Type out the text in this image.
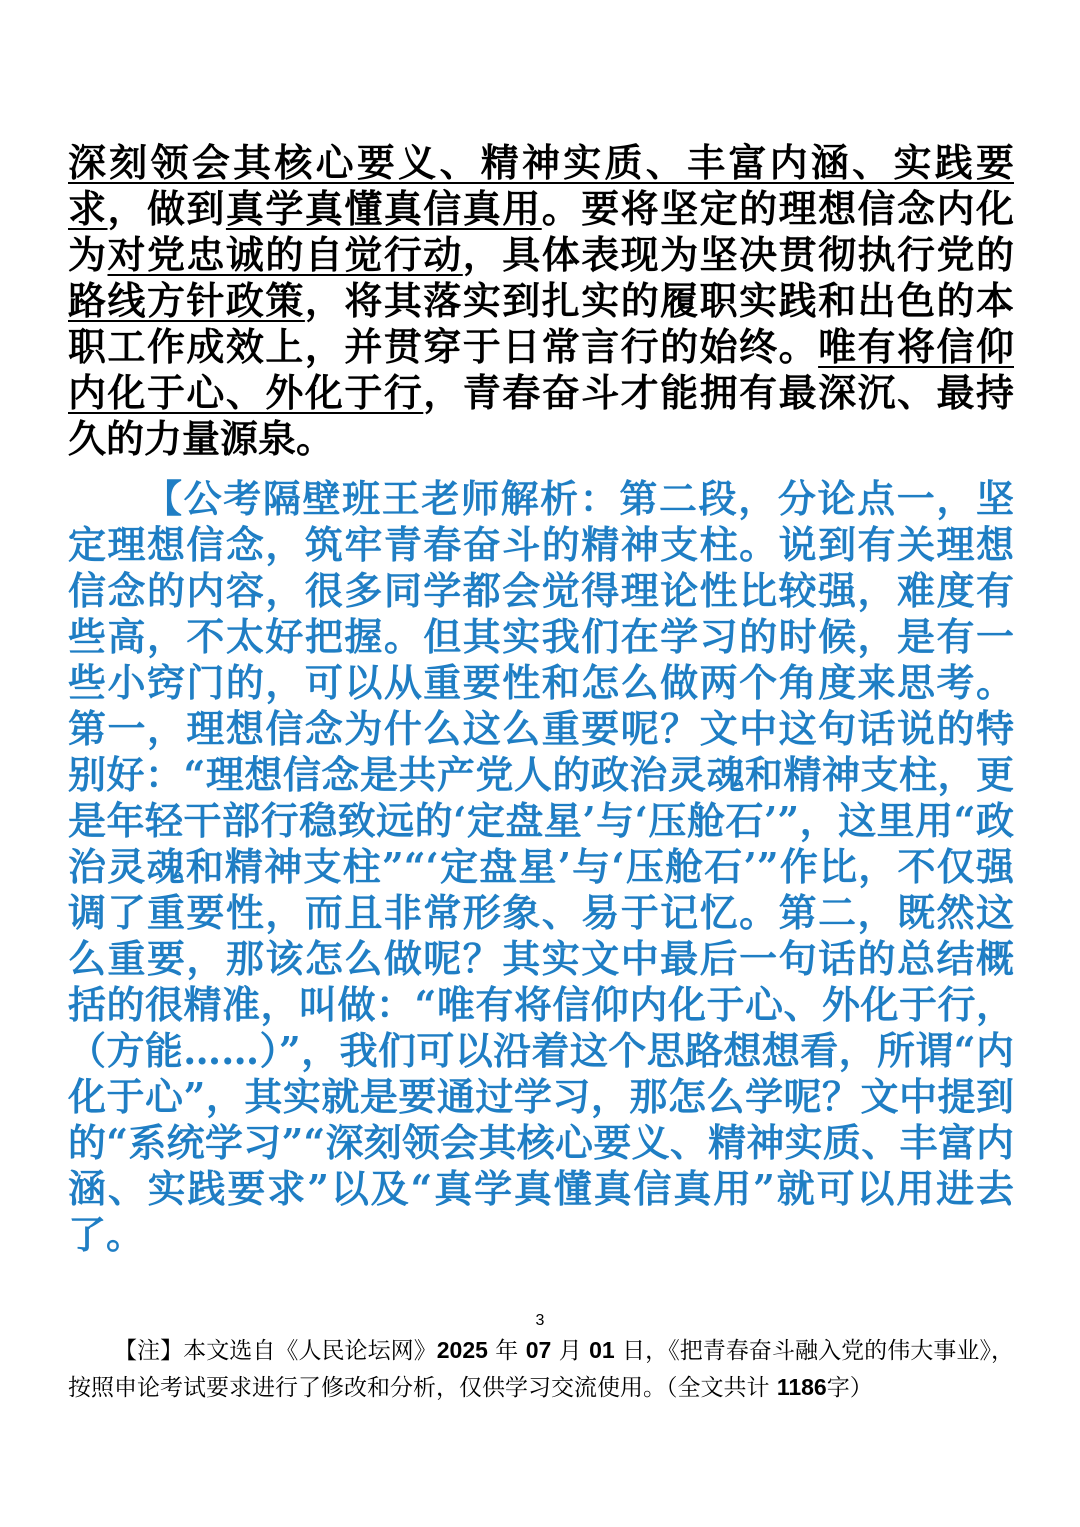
深刻领会其核心要义、精神实质、丰富内涵、实践要求，做到真学真懂真信真用。要将坚定的理想信念内化为对党忠诚的自觉行动，具体表现为坚决贯彻执行党的路线方针政策，将其落实到扎实的履职实践和出色的本职工作成效上，并贯穿于日常言行的始终。唯有将信仰内化于心、外化于行，青春奋斗才能拥有最深沉、最持久的力量源泉。

【公考隔壁班王老师解析：第二段，分论点一，坚定理想信念，筑牢青春奋斗的精神支柱。说到有关理想信念的内容，很多同学都会觉得理论性比较强，难度有些高，不太好把握。但其实我们在学习的时候，是有一些小窍门的，可以从重要性和怎么做两个角度来思考。第一，理想信念为什么这么重要呢？文中这句话说的特别好：“理想信念是共产党人的政治灵魂和精神支柱，更是年轻干部行稳致远的‘定盘星’与‘压舱石’”，这里用“政治灵魂和精神支柱”“‘定盘星’与‘压舱石’”作比，不仅强调了重要性，而且非常形象、易于记忆。第二，既然这么重要，那该怎么做呢？其实文中最后一句话的总结概括的很精准，叫做：“唯有将信仰内化于心、外化于行，（方能……）”，我们可以沿着这个思路想想看，所谓“内化于心”，其实就是要通过学习，那怎么学呢？文中提到的“系统学习”“深刻领会其核心要义、精神实质、丰富内涵、实践要求”以及“真学真懂真信真用”就可以用进去了。

3

【注】本文选自《人民论坛网》2025 年 07 月 01 日，《把青春奋斗融入党的伟大事业》，按照申论考试要求进行了修改和分析，仅供学习交流使用。（全文共计 1186字）
